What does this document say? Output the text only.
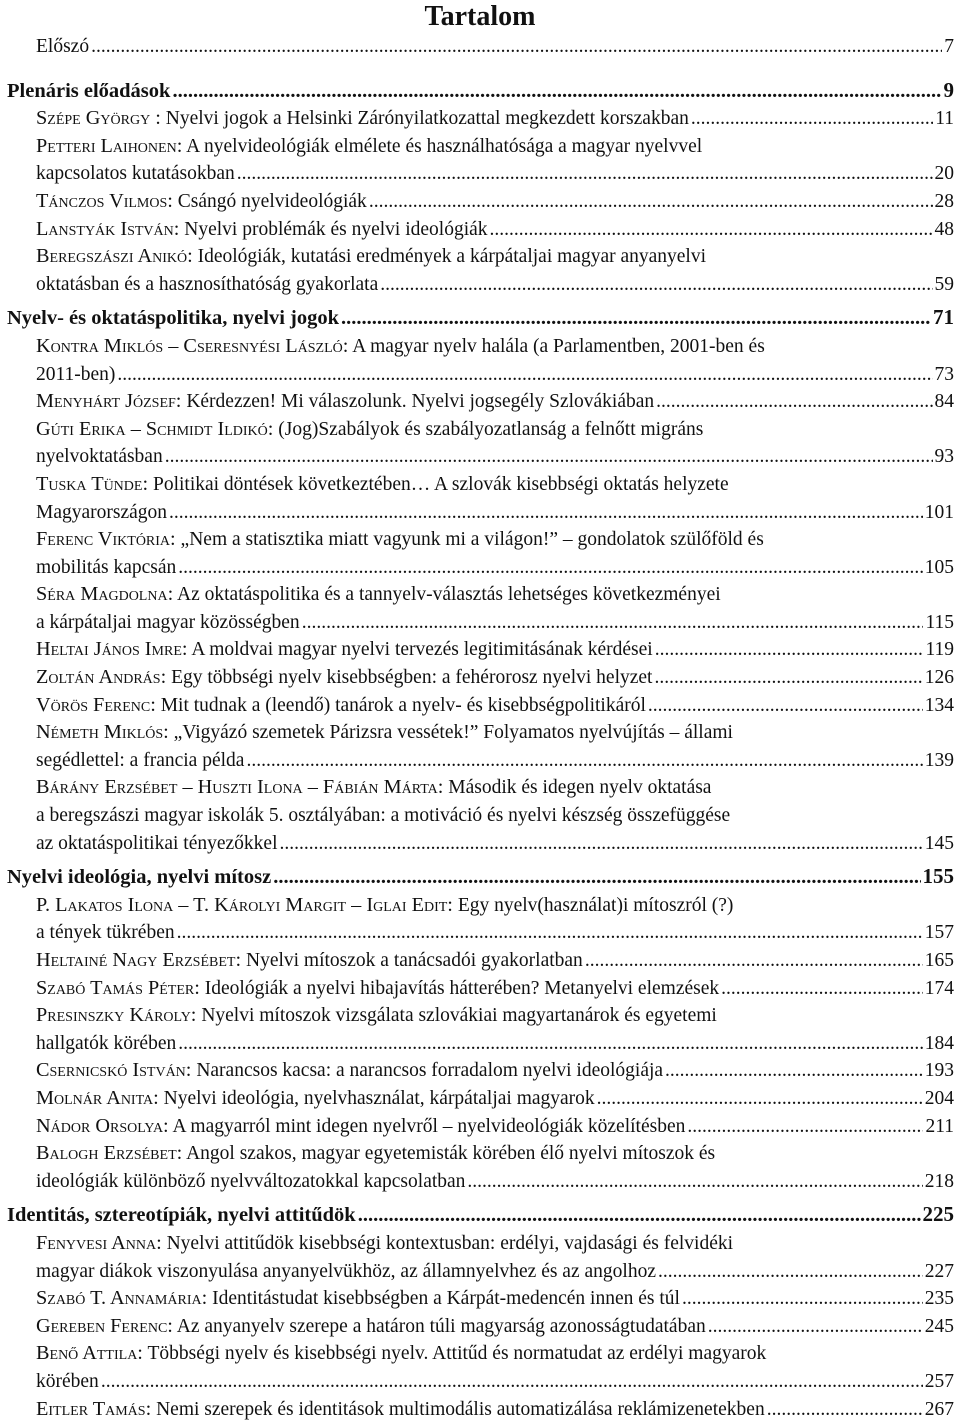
Tartalom
Előszó .....	7
Plenáris előadások .....	9
Szépe György : Nyelvi jogok a Helsinki Zárónyilatkozattal megkezdett korszakban .....	11
Petteri Laihonen: A nyelvideológiák elmélete és használhatósága a magyar nyelvvel
kapcsolatos kutatásokban .....	20
Tánczos Vilmos: Csángó nyelvideológiák .....	28
Lanstyák István: Nyelvi problémák és nyelvi ideológiák .....	48
Beregszászi Anikó: Ideológiák, kutatási eredmények a kárpátaljai magyar anyanyelvi
oktatásban és a hasznosíthatóság gyakorlata .....	59
Nyelv- és oktatáspolitika, nyelvi jogok .....	71
Kontra Miklós – Cseresnyési László: A magyar nyelv halála (a Parlamentben, 2001-ben és
2011-ben) .....	73
Menyhárt József: Kérdezzen! Mi válaszolunk. Nyelvi jogsegély Szlovákiában .....	84
Gúti Erika – Schmidt Ildikó: (Jog)Szabályok és szabályozatlanság a felnőtt migráns
nyelvoktatásban .....	93
Tuska Tünde: Politikai döntések következtében… A szlovák kisebbségi oktatás helyzete
Magyarországon .....	101
Ferenc Viktória: „Nem a statisztika miatt vagyunk mi a világon!” – gondolatok szülőföld és
mobilitás kapcsán .....	105
Séra Magdolna: Az oktatáspolitika és a tannyelv-választás lehetséges következményei
a kárpátaljai magyar közösségben .....	115
Heltai János Imre: A moldvai magyar nyelvi tervezés legitimitásának kérdései .....	119
Zoltán András: Egy többségi nyelv kisebbségben: a fehérorosz nyelvi helyzet .....	126
Vörös Ferenc: Mit tudnak a (leendő) tanárok a nyelv- és kisebbségpolitikáról .....	134
Németh Miklós: „Vigyázó szemetek Párizsra vessétek!” Folyamatos nyelvújítás – állami
segédlettel: a francia példa .....	139
Bárány Erzsébet – Huszti Ilona – Fábián Márta: Második és idegen nyelv oktatása
a beregszászi magyar iskolák 5. osztályában: a motiváció és nyelvi készség összefüggése
az oktatáspolitikai tényezőkkel .....	145
Nyelvi ideológia, nyelvi mítosz .....	155
P. Lakatos Ilona – T. Károlyi Margit – Iglai Edit: Egy nyelv(használat)i mítoszról (?)
a tények tükrében .....	157
Heltainé Nagy Erzsébet: Nyelvi mítoszok a tanácsadói gyakorlatban .....	165
Szabó Tamás Péter: Ideológiák a nyelvi hibajavítás hátterében? Metanyelvi elemzések .....	174
Presinszky Károly: Nyelvi mítoszok vizsgálata szlovákiai magyartanárok és egyetemi
hallgatók körében .....	184
Csernicskó István: Narancsos kacsa: a narancsos forradalom nyelvi ideológiája .....	193
Molnár Anita: Nyelvi ideológia, nyelvhasználat, kárpátaljai magyarok .....	204
Nádor Orsolya: A magyarról mint idegen nyelvről – nyelvideológiák közelítésben .....	211
Balogh Erzsébet: Angol szakos, magyar egyetemisták körében élő nyelvi mítoszok és
ideológiák különböző nyelvváltozatokkal kapcsolatban .....	218
Identitás, sztereotípiák, nyelvi attitűdök .....	225
Fenyvesi Anna: Nyelvi attitűdök kisebbségi kontextusban: erdélyi, vajdasági és felvidéki
magyar diákok viszonyulása anyanyelvükhöz, az államnyelvhez és az angolhoz .....	227
Szabó T. Annamária: Identitástudat kisebbségben a Kárpát-medencén innen és túl .....	235
Gereben Ferenc: Az anyanyelv szerepe a határon túli magyarság azonosságtudatában .....	245
Benő Attila: Többségi nyelv és kisebbségi nyelv. Attitűd és normatudat az erdélyi magyarok
körében .....	257
Eitler Tamás: Nemi szerepek és identitások multimodális automatizálása reklámizenetekben .....	267
